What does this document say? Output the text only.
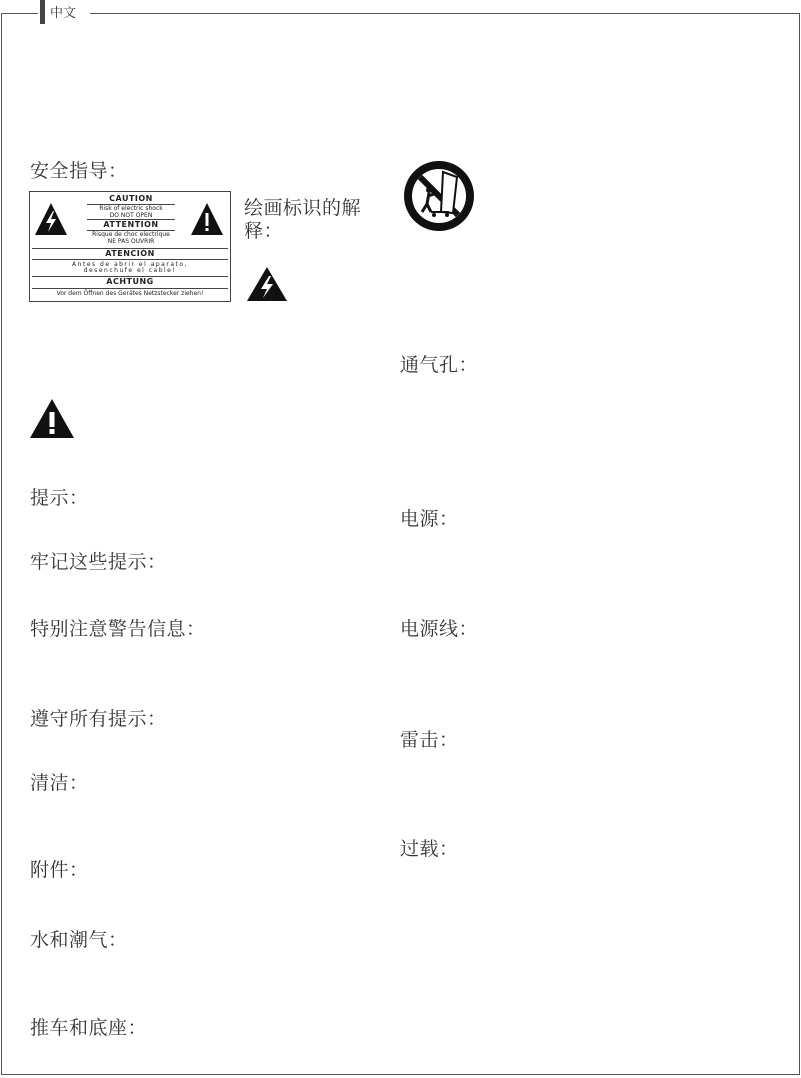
中文
安全指导：
CAUTION
Risk of electric shock
DO NOT OPEN
ATTENTION
Risque de choc electrique
NE PAS OUVRIR
ATENCIÓN
Antes de abrir el aparato,
desenchufe el cable!
ACHTUNG
Vor dem Öffnen des Gerätes Netzstecker ziehen!
绘画标识的解释：
提示：
牢记这些提示：
特别注意警告信息：
遵守所有提示：
清洁：
附件：
水和潮气：
推车和底座：
通气孔：
电源：
电源线：
雷击：
过载：
